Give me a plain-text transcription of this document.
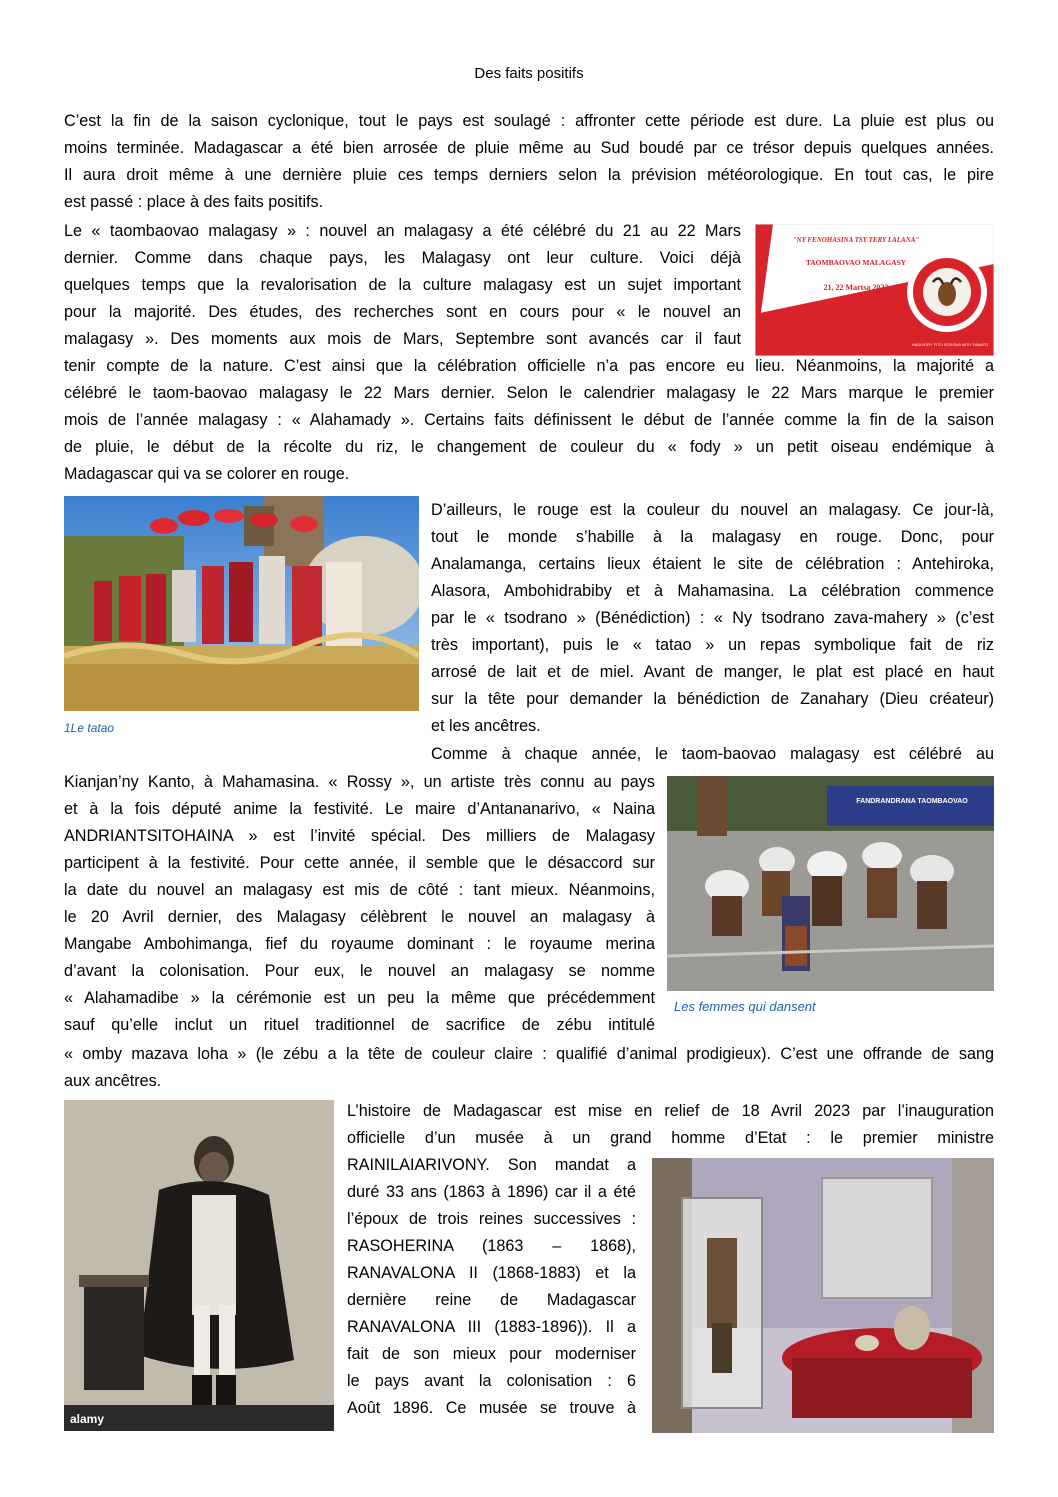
Des faits positifs
C’est la fin de la saison cyclonique, tout le pays est soulagé : affronter cette période est dure. La pluie est plus ou
moins terminée. Madagascar a été bien arrosée de pluie même au Sud boudé par ce trésor depuis quelques années.
Il aura droit même à une dernière pluie ces temps derniers selon la prévision météorologique. En tout cas, le pire
est passé : place à des faits positifs.
Le « taombaovao malagasy » : nouvel an malagasy a été célébré du 21 au 22 Mars
dernier. Comme dans chaque pays, les Malagasy ont leur culture. Voici déjà
quelques temps que la revalorisation de la culture malagasy est un sujet important
pour la majorité. Des études, des recherches sont en cours pour « le nouvel an
malagasy ». Des moments aux mois de Mars, Septembre sont avancés car il faut
"NY FENOHASINA TSY TERY LALANA"
TAOMBAOVAO MALAGASY
21, 22 Martsa 2023
HADIVORY FITO SOSONA MISY FANATO
tenir compte de la nature. C’est ainsi que la célébration officielle n’a pas encore eu lieu. Néanmoins, la majorité a
célébré le taom-baovao malagasy le 22 Mars dernier. Selon le calendrier malagasy le 22 Mars marque le premier
mois de l’année malagasy : « Alahamady ». Certains faits définissent le début de l’année comme la fin de la saison
de pluie, le début de la récolte du riz, le changement de couleur du « fody » un petit oiseau endémique à
Madagascar qui va se colorer en rouge.
1Le tatao
D’ailleurs, le rouge est la couleur du nouvel an malagasy. Ce jour-là,
tout le monde s’habille à la malagasy en rouge. Donc, pour
Analamanga, certains lieux étaient le site de célébration : Antehiroka,
Alasora, Ambohidrabiby et à Mahamasina. La célébration commence
par le « tsodrano » (Bénédiction) : « Ny tsodrano zava-mahery » (c’est
très important), puis le « tatao » un repas symbolique fait de riz
arrosé de lait et de miel. Avant de manger, le plat est placé en haut
sur la tête pour demander la bénédiction de Zanahary (Dieu créateur)
et les ancêtres.
Comme à chaque année, le taom-baovao malagasy est célébré au
Kianjan’ny Kanto, à Mahamasina. « Rossy », un artiste très connu au pays
et à la fois député anime la festivité. Le maire d’Antananarivo, « Naina
ANDRIANTSITOHAINA » est l’invité spécial. Des milliers de Malagasy
participent à la festivité. Pour cette année, il semble que le désaccord sur
la date du nouvel an malagasy est mis de côté : tant mieux. Néanmoins,
le 20 Avril dernier, des Malagasy célèbrent le nouvel an malagasy à
Mangabe Ambohimanga, fief du royaume dominant : le royaume merina
d’avant la colonisation. Pour eux, le nouvel an malagasy se nomme
« Alahamadibe » la cérémonie est un peu la même que précédemment
sauf qu’elle inclut un rituel traditionnel de sacrifice de zébu intitulé
FANDRANDRANA TAOMBAOVAO
Les femmes qui dansent
« omby mazava loha » (le zébu a la tête de couleur claire : qualifié d’animal prodigieux). C’est une offrande de sang
aux ancêtres.
alamy
L’histoire de Madagascar est mise en relief de 18 Avril 2023 par l’inauguration
officielle d’un musée à un grand homme d’Etat : le premier ministre
RAINILAIARIVONY. Son mandat a
duré 33 ans (1863 à 1896) car il a été
l’époux de trois reines successives :
RASOHERINA (1863 – 1868),
RANAVALONA II (1868-1883) et la
dernière reine de Madagascar
RANAVALONA III (1883-1896)). Il a
fait de son mieux pour moderniser
le pays avant la colonisation : 6
Août 1896. Ce musée se trouve à
